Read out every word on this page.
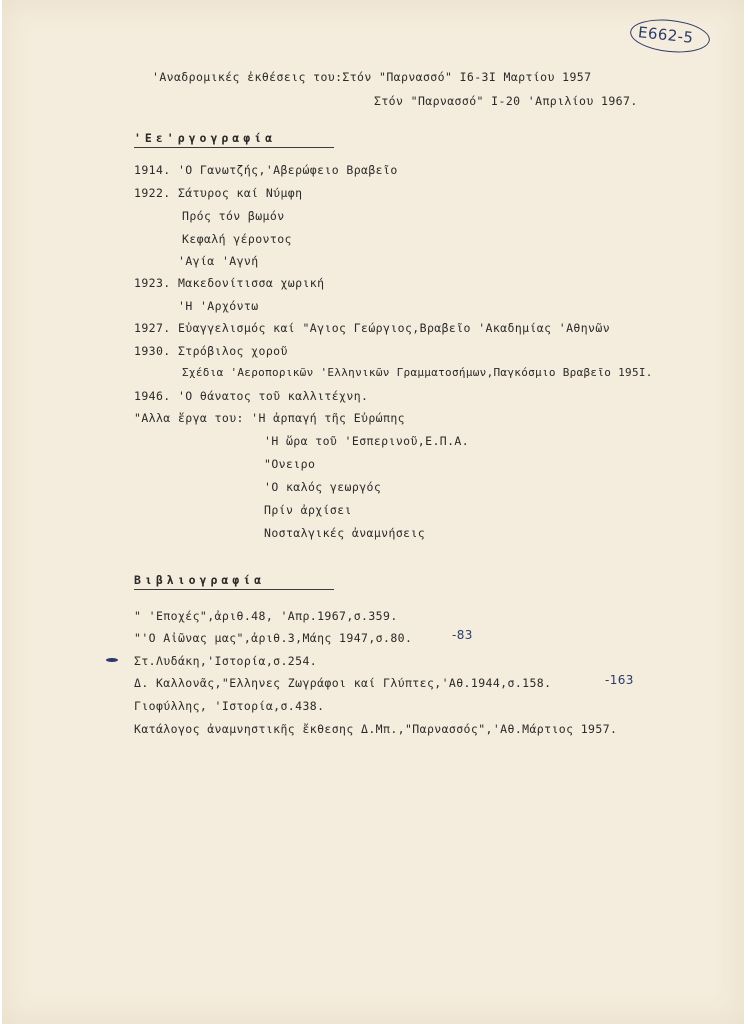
E662-5
'Αναδρομικές ἐκθέσεις του:Στόν "Παρνασσό" I6-3I Μαρτίου 1957
Στόν "Παρνασσό" I-20 'Απριλίου 1967.
'Εε'ργογραφία
1914. 'Ο Γανωτζής,'Αβερώφειο Βραβεῖο
1922. Σάτυρος καί Νύμφη
Πρός τόν βωμόν
Κεφαλή γέροντος
'Αγία 'Αγνή
1923. Μακεδονίτισσα χωρική
'Η 'Αρχόντω
1927. Εὐαγγελισμός καί "Αγιος Γεώργιος,Βραβεῖο 'Ακαδημίας 'Αθηνῶν
1930. Στρόβιλος χοροῦ
Σχέδια 'Αεροπορικῶν 'Ελληνικῶν Γραμματοσήμων,Παγκόσμιο Βραβεῖο 195I.
1946. 'Ο θάνατος τοῦ καλλιτέχνη.
"Αλλα ἔργα του: 'Η ἁρπαγή τῆς Εὐρώπης
'Η ὥρα τοῦ 'Εσπερινοῦ,Ε.Π.Α.
"Ονειρο
'Ο καλός γεωργός
Πρίν ἀρχίσει
Νοσταλγικές ἀναμνήσεις
Βιβλιογραφία
" 'Εποχές",ἀριθ.48, 'Απρ.1967,σ.359.
"'Ο Αἰῶνας μας",ἀριθ.3,Μάης 1947,σ.80.	-83
Στ.Λυδάκη,'Ιστορία,σ.254.
Δ. Καλλονᾶς,"Ελληνες Ζωγράφοι καί Γλύπτες,'Αθ.1944,σ.158.	-163
Γιοφύλλης, 'Ιστορία,σ.438.
Κατάλογος ἀναμνηστικῆς ἔκθεσης Δ.Μπ.,"Παρνασσός",'Αθ.Μάρτιος 1957.
